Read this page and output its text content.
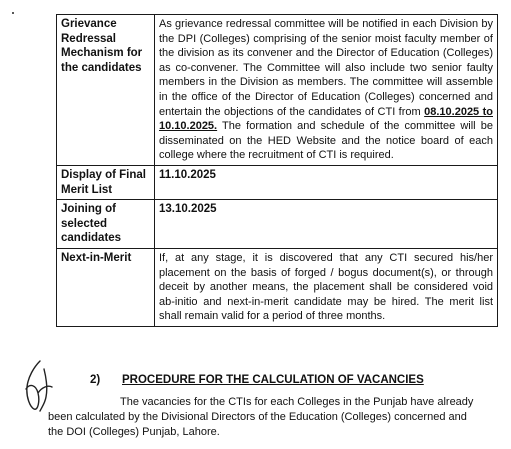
Grievance Redressal Mechanism for the candidates	As grievance redressal committee will be notified in each Division by the DPI (Colleges) comprising of the senior moist faculty member of the division as its convener and the Director of Education (Colleges) as co-convener. The Committee will also include two senior faulty members in the Division as members. The committee will assemble in the office of the Director of Education (Colleges) concerned and entertain the objections of the candidates of CTI from 08.10.2025 to 10.10.2025. The formation and schedule of the committee will be disseminated on the HED Website and the notice board of each college where the recruitment of CTI is required.
Display of Final Merit List	11.10.2025
Joining of selected candidates	13.10.2025
Next-in-Merit	If, at any stage, it is discovered that any CTI secured his/her placement on the basis of forged / bogus document(s), or through deceit by another means, the placement shall be considered void ab-initio and next-in-merit candidate may be hired. The merit list shall remain valid for a period of three months.
2) PROCEDURE FOR THE CALCULATION OF VACANCIES
The vacancies for the CTIs for each Colleges in the Punjab have already
been calculated by the Divisional Directors of the Education (Colleges) concerned and
the DOI (Colleges) Punjab, Lahore.
